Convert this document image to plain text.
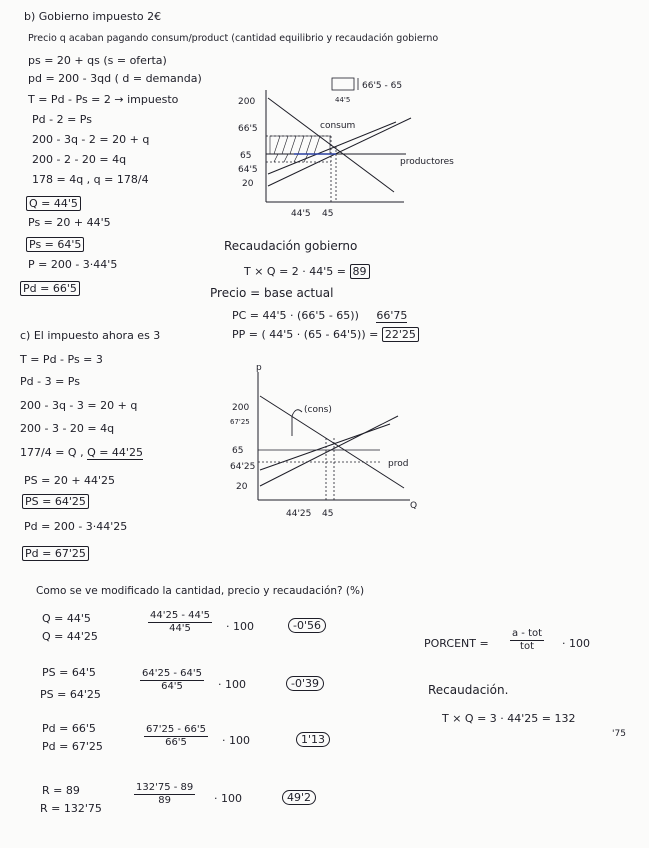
b) Gobierno impuesto 2€
Precio q acaban pagando consum/product (cantidad equilibrio y recaudación gobierno
ps = 20 + qs (s = oferta)
pd = 200 - 3qd ( d = demanda)
T = Pd - Ps = 2 → impuesto
Pd - 2 = Ps
200 - 3q - 2 = 20 + q
200 - 2 - 20 = 4q
178 = 4q , q = 178/4
Q = 44'5
Ps = 20 + 44'5
Ps = 64'5
P = 200 - 3·44'5
Pd = 66'5
66'5 - 65
44'5
consum
productores
200
66'5
65
64'5
20
44'5 45
Recaudación gobierno
T × Q = 2 · 44'5 = 89
Precio = base actual
PC = 44'5 · (66'5 - 65)) 66'75
PP = ( 44'5 · (65 - 64'5)) = 22'25
c) El impuesto ahora es 3
T = Pd - Ps = 3
Pd - 3 = Ps
200 - 3q - 3 = 20 + q
200 - 3 - 20 = 4q
177/4 = Q , Q = 44'25
PS = 20 + 44'25
PS = 64'25
Pd = 200 - 3·44'25
Pd = 67'25
p
Q
(cons)
prod
200
67'25
65
64'25
20
44'25 45
Como se ve modificado la cantidad, precio y recaudación? (%)
Q = 44'5
Q = 44'25
$\frac{44'25 - 44'5}{44'5} \cdot 100$	-0'56
PS = 64'5
PS = 64'25
$\frac{64'25 - 64'5}{64'5} \cdot 100$	-0'39
Pd = 66'5
Pd = 67'25	$\frac{67'25 - 66'5}{66'5} \cdot 100$	1'13
R = 89
R = 132'75
$\frac{132'75 - 89}{89} \cdot 100$	49'2
PORCENT =
a - tot
tot	· 100
Recaudación.
T × Q = 3 · 44'25 = 132
'75
